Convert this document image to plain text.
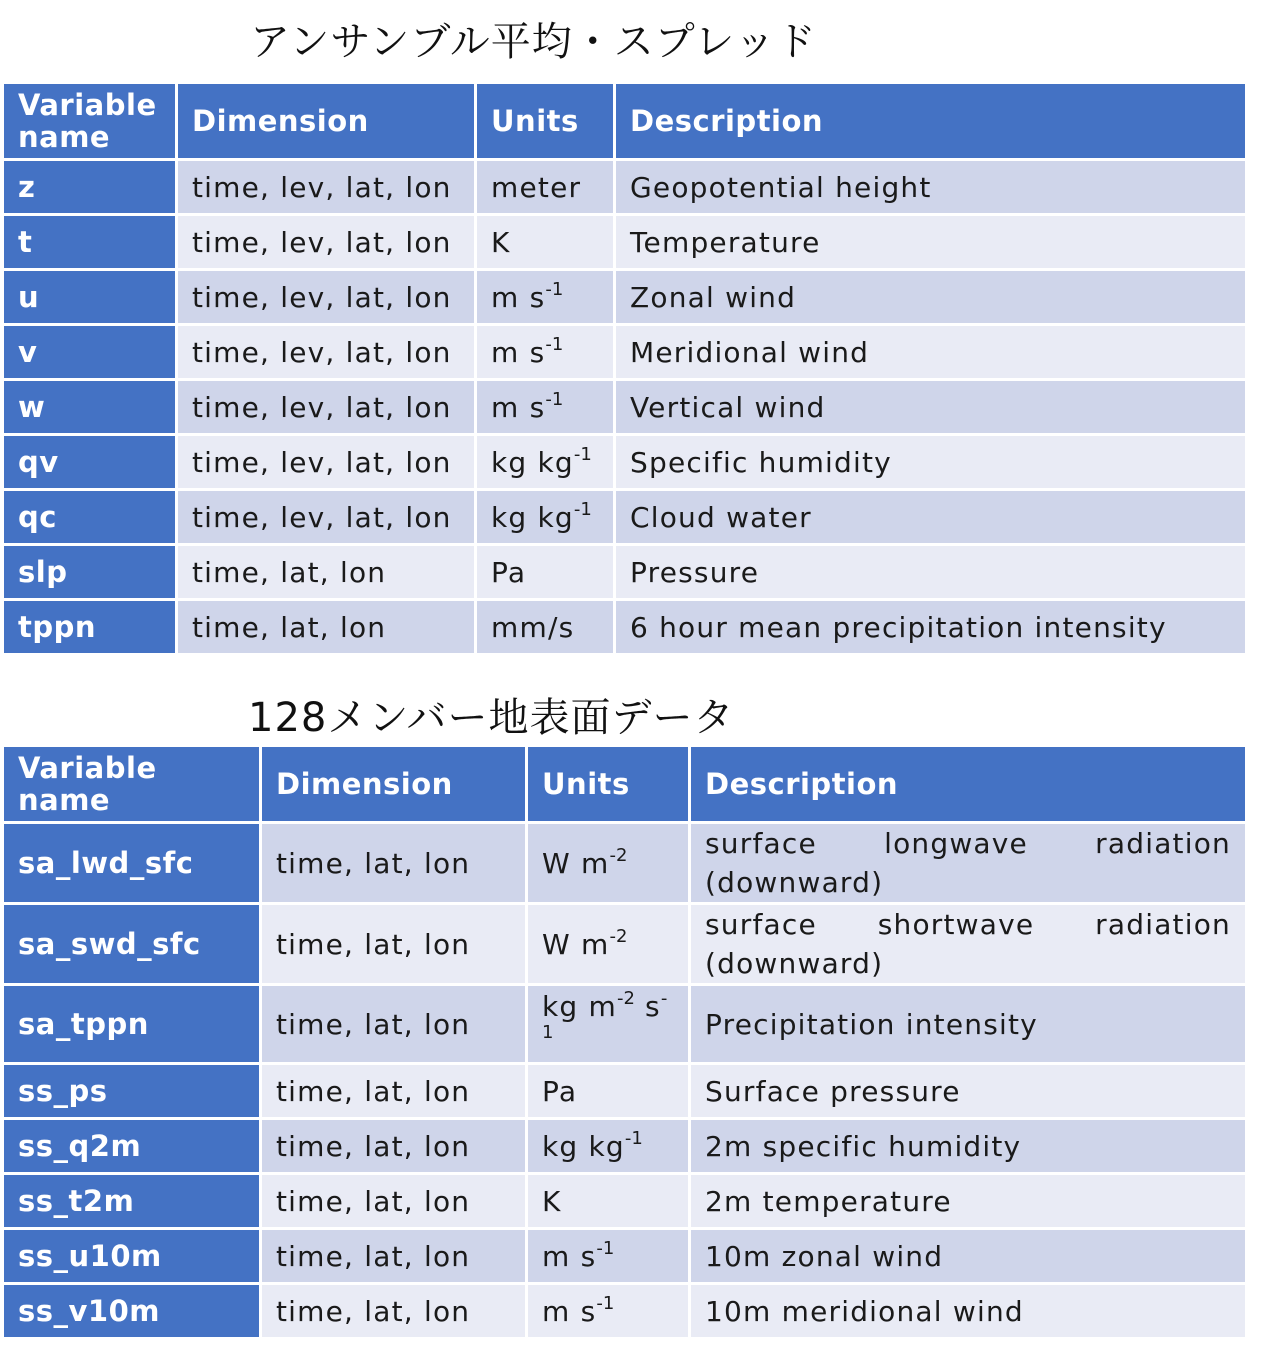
アンサンブル平均・スプレッド
Variable name	Dimension	Units	Description
z	time, lev, lat, lon	meter	Geopotential height
t	time, lev, lat, lon	K	Temperature
u	time, lev, lat, lon	m $s^{-1}$	Zonal wind
v	time, lev, lat, lon	m $s^{-1}$	Meridional wind
w	time, lev, lat, lon	m $s^{-1}$	Vertical wind
qv	time, lev, lat, lon	kg $kg^{-1}$	Specific humidity
qc	time, lev, lat, lon	kg $kg^{-1}$	Cloud water
slp	time, lat, lon	Pa	Pressure
tppn	time, lat, lon	mm/s	6 hour mean precipitation intensity
128メンバー地表面データ
Variable name	Dimension	Units	Description
sa_lwd_sfc	time, lat, lon	W $m^{-2}$	surface longwave radiation (downward)
sa_swd_sfc	time, lat, lon	W $m^{-2}$	surface shortwave radiation (downward)
sa_tppn	time, lat, lon	kg $m^{-2}$ $s^{-1}$	Precipitation intensity
ss_ps	time, lat, lon	Pa	Surface pressure
ss_q2m	time, lat, lon	kg $kg^{-1}$	2m specific humidity
ss_t2m	time, lat, lon	K	2m temperature
ss_u10m	time, lat, lon	m $s^{-1}$	10m zonal wind
ss_v10m	time, lat, lon	m $s^{-1}$	10m meridional wind
